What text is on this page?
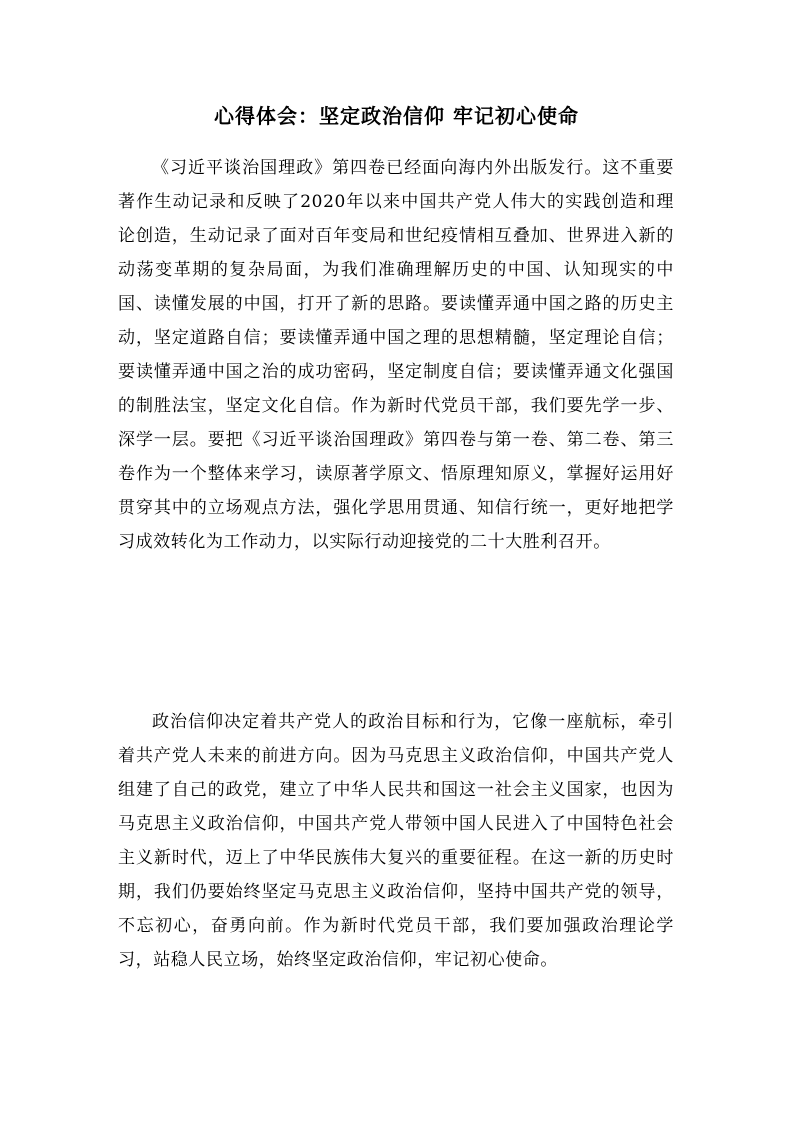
心得体会：坚定政治信仰 牢记初心使命

《习近平谈治国理政》第四卷已经面向海内外出版发行。这不重要著作生动记录和反映了2020年以来中国共产党人伟大的实践创造和理论创造，生动记录了面对百年变局和世纪疫情相互叠加、世界进入新的动荡变革期的复杂局面，为我们准确理解历史的中国、认知现实的中国、读懂发展的中国，打开了新的思路。要读懂弄通中国之路的历史主动，坚定道路自信；要读懂弄通中国之理的思想精髓，坚定理论自信；要读懂弄通中国之治的成功密码，坚定制度自信；要读懂弄通文化强国的制胜法宝，坚定文化自信。作为新时代党员干部，我们要先学一步、深学一层。要把《习近平谈治国理政》第四卷与第一卷、第二卷、第三卷作为一个整体来学习，读原著学原文、悟原理知原义，掌握好运用好贯穿其中的立场观点方法，强化学思用贯通、知信行统一，更好地把学习成效转化为工作动力，以实际行动迎接党的二十大胜利召开。

政治信仰决定着共产党人的政治目标和行为，它像一座航标，牵引着共产党人未来的前进方向。因为马克思主义政治信仰，中国共产党人组建了自己的政党，建立了中华人民共和国这一社会主义国家，也因为马克思主义政治信仰，中国共产党人带领中国人民进入了中国特色社会主义新时代，迈上了中华民族伟大复兴的重要征程。在这一新的历史时期，我们仍要始终坚定马克思主义政治信仰，坚持中国共产党的领导，不忘初心，奋勇向前。作为新时代党员干部，我们要加强政治理论学习，站稳人民立场，始终坚定政治信仰，牢记初心使命。
